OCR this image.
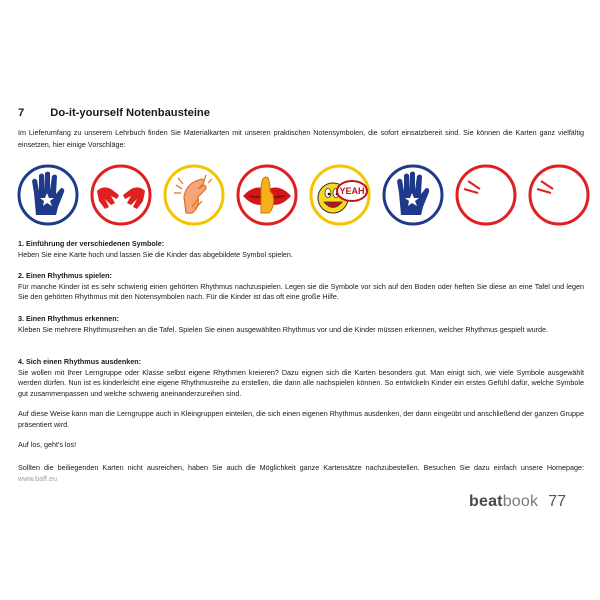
7 Do-it-yourself Notenbausteine
Im Lieferumfang zu unserem Lehrbuch finden Sie Materialkarten mit unseren praktischen Notensymbolen, die sofort einsatzbereit sind. Sie können die Karten ganz vielfältig einsetzen, hier einige Vorschläge:
YEAH
1. Einführung der verschiedenen Symbole:
Heben Sie eine Karte hoch und lassen Sie die Kinder das abgebildete Symbol spielen.
2. Einen Rhythmus spielen:
Für manche Kinder ist es sehr schwierig einen gehörten Rhythmus nachzuspielen. Legen sie die Symbole vor sich auf den Boden oder heften Sie diese an eine Tafel und legen Sie den gehörten Rhythmus mit den Notensymbolen nach. Für die Kinder ist das oft eine große Hilfe.
3. Einen Rhythmus erkennen:
Kleben Sie mehrere Rhythmusreihen an die Tafel. Spielen Sie einen ausgewählten Rhythmus vor und die Kinder müssen erkennen, welcher Rhythmus gespielt wurde.
4. Sich einen Rhythmus ausdenken:
Sie wollen mit Ihrer Lerngruppe oder Klasse selbst eigene Rhythmen kreieren? Dazu eignen sich die Karten besonders gut. Man einigt sich, wie viele Symbole ausgewählt werden dürfen. Nun ist es kinderleicht eine eigene Rhythmusreihe zu erstellen, die dann alle nachspielen können. So entwickeln Kinder ein erstes Gefühl dafür, welche Symbole gut zusammenpassen und welche schwierig aneinanderzureihen sind.
Auf diese Weise kann man die Lerngruppe auch in Kleingruppen einteilen, die sich einen eigenen Rhythmus ausdenken, der dann eingeübt und anschließend der ganzen Gruppe präsentiert wird.
Auf los, geht's los!
Sollten die beiliegenden Karten nicht ausreichen, haben Sie auch die Möglichkeit ganze Kartensätze nachzubestellen. Besuchen Sie dazu einfach unsere Homepage: www.baff.eu
beatbook 77
